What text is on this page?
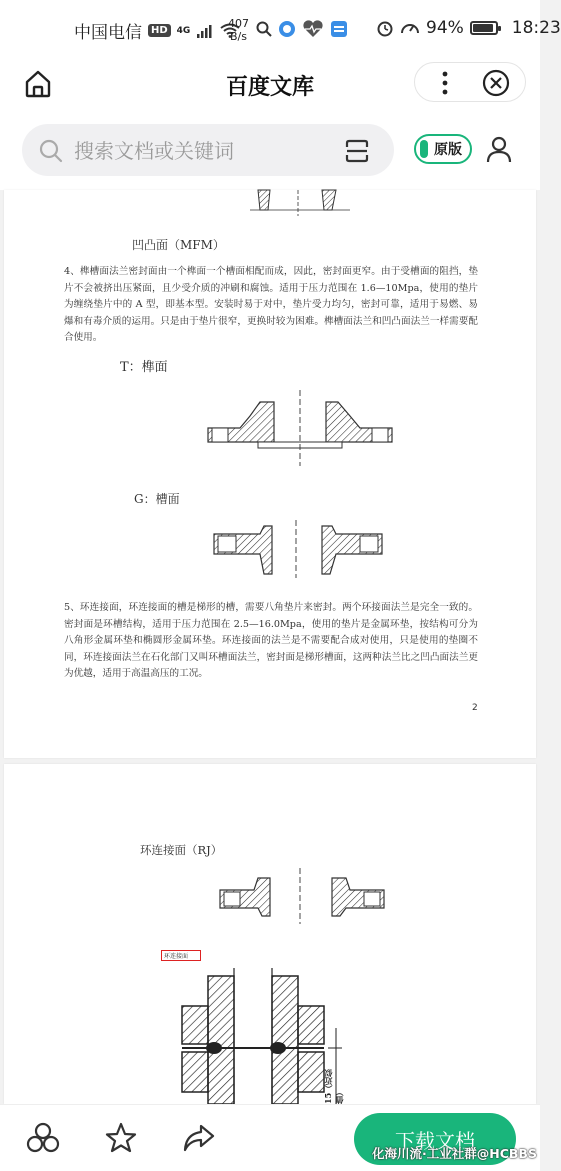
中国电信 HD	4G
407
B/s	94%	18:23
百度文库
搜索文档或关键词
原版
凹凸面（MFM）
4、榫槽面法兰密封面由一个榫面一个槽面相配而成，因此，密封面更窄。由于受槽面的阻挡，垫片不会被挤出压紧面，且少受介质的冲刷和腐蚀。适用于压力范围在 1.6—10Mpa，使用的垫片为缠绕垫片中的 A 型，即基本型。安装时易于对中，垫片受力均匀，密封可靠，适用于易燃、易爆和有毒介质的运用。只是由于垫片很窄，更换时较为困难。榫槽面法兰和凹凸面法兰一样需要配合使用。
T：榫面
G：槽面
5、环连接面，环连接面的槽是梯形的槽，需要八角垫片来密封。两个环接面法兰是完全一致的。密封面是环槽结构，适用于压力范围在 2.5—16.0Mpa，使用的垫片是金属环垫，按结构可分为八角形金属环垫和椭圆形金属环垫。环连接面的法兰是不需要配合成对使用，只是使用的垫圈不同，环连接面法兰在石化部门又叫环槽面法兰，密封面是梯形槽面，这两种法兰比之凹凸面法兰更为优越，适用于高温高压的工况。
2
环连接面（RJ）
环连接面
15（近似值）
下载文档
化海川流·工业社群@HCBBS
